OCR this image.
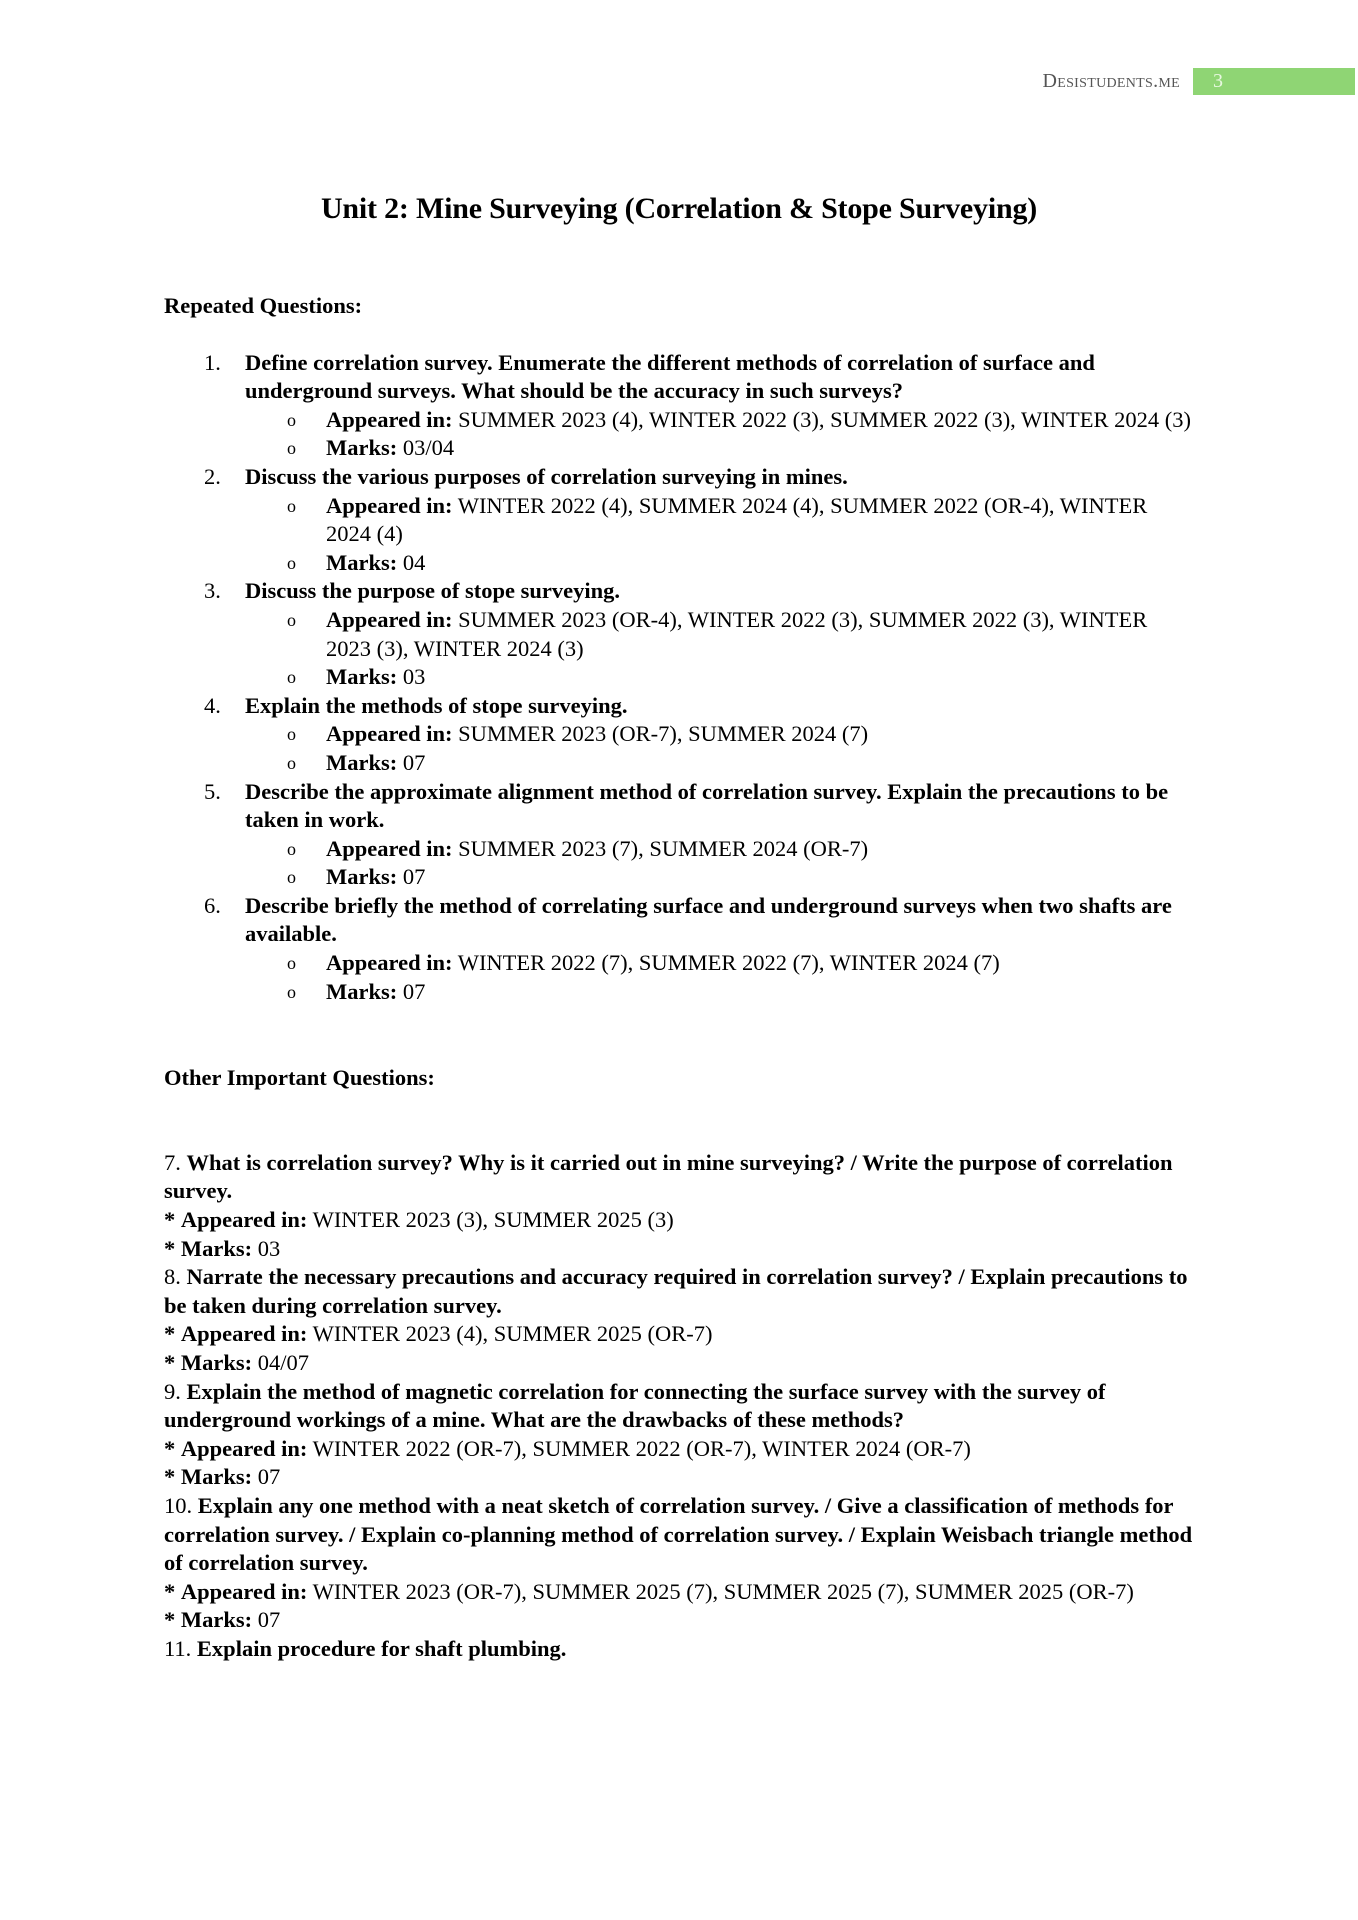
Desistudents.me	3
Unit 2: Mine Surveying (Correlation & Stope Surveying)

Repeated Questions:

1. Define correlation survey. Enumerate the different methods of correlation of surface and underground surveys. What should be the accuracy in such surveys?
o Appeared in: SUMMER 2023 (4), WINTER 2022 (3), SUMMER 2022 (3), WINTER 2024 (3)
o Marks: 03/04
2. Discuss the various purposes of correlation surveying in mines.
o Appeared in: WINTER 2022 (4), SUMMER 2024 (4), SUMMER 2022 (OR-4), WINTER 2024 (4)
o Marks: 04
3. Discuss the purpose of stope surveying.
o Appeared in: SUMMER 2023 (OR-4), WINTER 2022 (3), SUMMER 2022 (3), WINTER 2023 (3), WINTER 2024 (3)
o Marks: 03
4. Explain the methods of stope surveying.
o Appeared in: SUMMER 2023 (OR-7), SUMMER 2024 (7)
o Marks: 07
5. Describe the approximate alignment method of correlation survey. Explain the precautions to be taken in work.
o Appeared in: SUMMER 2023 (7), SUMMER 2024 (OR-7)
o Marks: 07
6. Describe briefly the method of correlating surface and underground surveys when two shafts are available.
o Appeared in: WINTER 2022 (7), SUMMER 2022 (7), WINTER 2024 (7)
o Marks: 07

Other Important Questions:

7. What is correlation survey? Why is it carried out in mine surveying? / Write the purpose of correlation survey.
* Appeared in: WINTER 2023 (3), SUMMER 2025 (3)
* Marks: 03
8. Narrate the necessary precautions and accuracy required in correlation survey? / Explain precautions to be taken during correlation survey.
* Appeared in: WINTER 2023 (4), SUMMER 2025 (OR-7)
* Marks: 04/07
9. Explain the method of magnetic correlation for connecting the surface survey with the survey of underground workings of a mine. What are the drawbacks of these methods?
* Appeared in: WINTER 2022 (OR-7), SUMMER 2022 (OR-7), WINTER 2024 (OR-7)
* Marks: 07
10. Explain any one method with a neat sketch of correlation survey. / Give a classification of methods for correlation survey. / Explain co-planning method of correlation survey. / Explain Weisbach triangle method of correlation survey.
* Appeared in: WINTER 2023 (OR-7), SUMMER 2025 (7), SUMMER 2025 (7), SUMMER 2025 (OR-7)
* Marks: 07
11. Explain procedure for shaft plumbing.
